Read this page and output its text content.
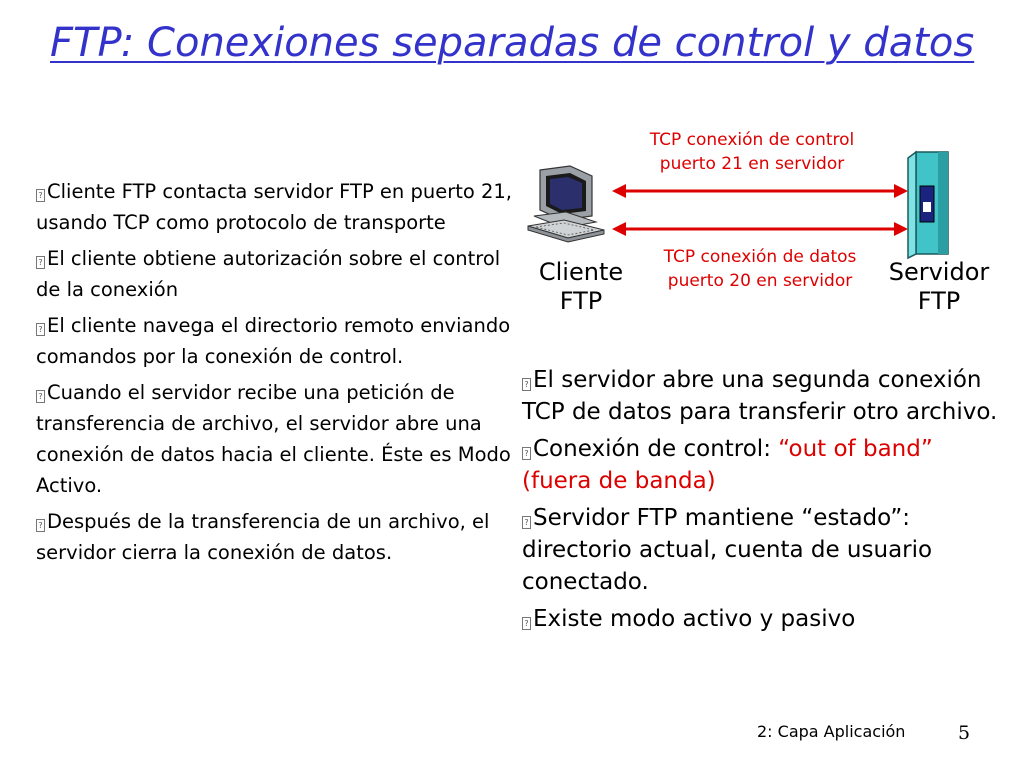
FTP: Conexiones separadas de control y datos
TCP conexión de control
puerto 21 en servidor
TCP conexión de datos
puerto 20 en servidor
Cliente
FTP
Servidor
FTP
? Cliente FTP contacta servidor FTP en puerto 21, usando TCP como protocolo de transporte
? El cliente obtiene autorización sobre el control de la conexión
? El cliente navega el directorio remoto enviando comandos por la conexión de control.
? Cuando el servidor recibe una petición de transferencia de archivo, el servidor abre una conexión de datos hacia el cliente. Éste es Modo Activo.
? Después de la transferencia de un archivo, el servidor cierra la conexión de datos.
? El servidor abre una segunda conexión TCP de datos para transferir otro archivo.
? Conexión de control: “out of band” (fuera de banda)
? Servidor FTP mantiene “estado”: directorio actual, cuenta de usuario conectado.
? Existe modo activo y pasivo
2: Capa Aplicación	5
